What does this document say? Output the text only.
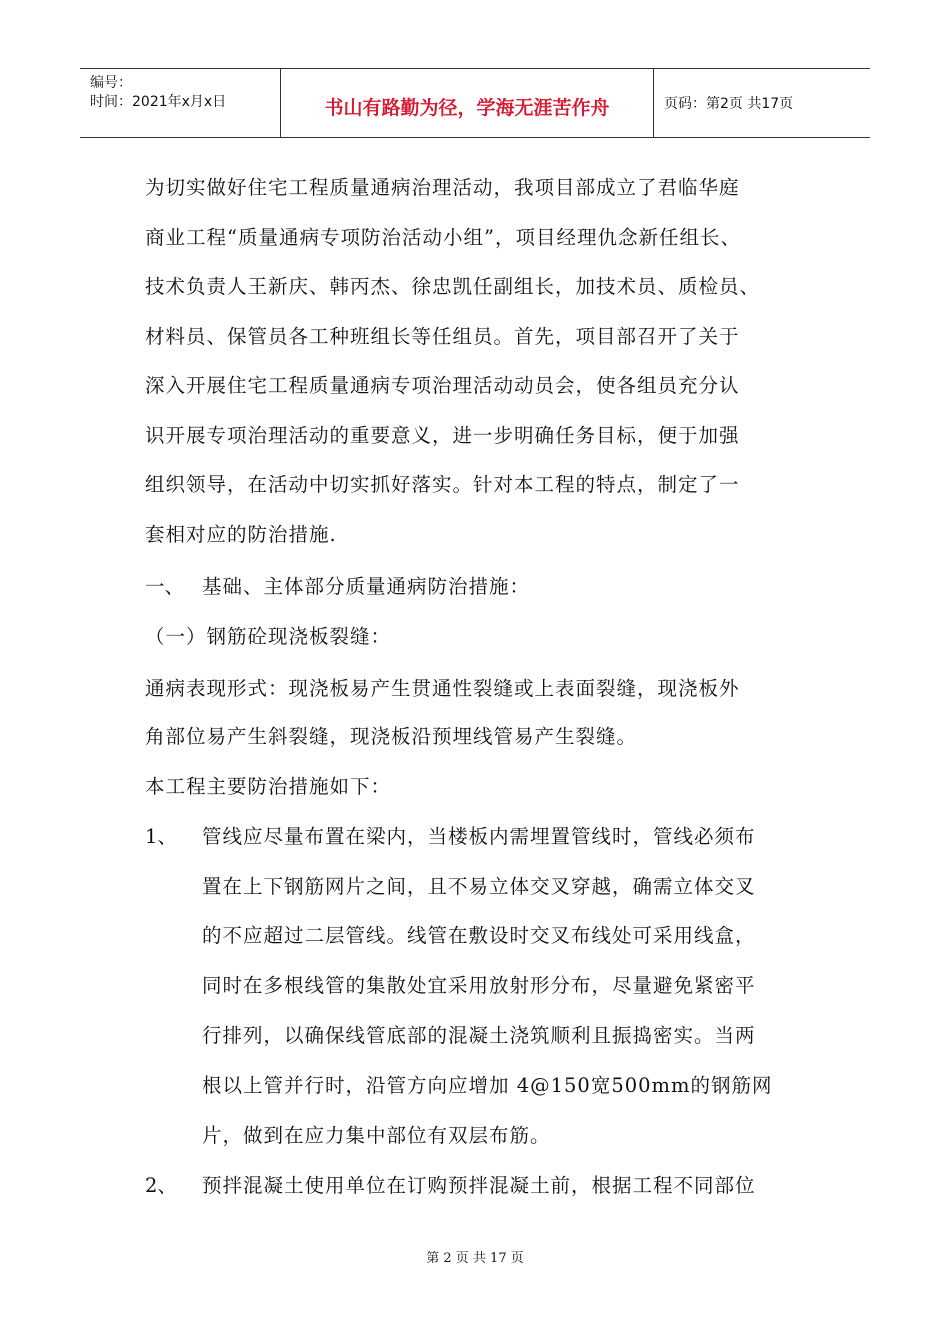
编号：
时间：2021年x月x日	书山有路勤为径，学海无涯苦作舟	页码：第2页 共17页
为切实做好住宅工程质量通病治理活动，我项目部成立了君临华庭
商业工程“质量通病专项防治活动小组”，项目经理仇念新任组长、
技术负责人王新庆、韩丙杰、徐忠凯任副组长，加技术员、质检员、
材料员、保管员各工种班组长等任组员。首先，项目部召开了关于
深入开展住宅工程质量通病专项治理活动动员会，使各组员充分认
识开展专项治理活动的重要意义，进一步明确任务目标，便于加强
组织领导，在活动中切实抓好落实。针对本工程的特点，制定了一
套相对应的防治措施.
一、 基础、主体部分质量通病防治措施：
（一）钢筋砼现浇板裂缝：
通病表现形式：现浇板易产生贯通性裂缝或上表面裂缝，现浇板外
角部位易产生斜裂缝，现浇板沿预埋线管易产生裂缝。
本工程主要防治措施如下：
1、 管线应尽量布置在梁内，当楼板内需埋置管线时，管线必须布
置在上下钢筋网片之间，且不易立体交叉穿越，确需立体交叉
的不应超过二层管线。线管在敷设时交叉布线处可采用线盒，
同时在多根线管的集散处宜采用放射形分布，尽量避免紧密平
行排列，以确保线管底部的混凝土浇筑顺利且振捣密实。当两
根以上管并行时，沿管方向应增加 4@150宽500mm的钢筋网
片，做到在应力集中部位有双层布筋。
2、 预拌混凝土使用单位在订购预拌混凝土前，根据工程不同部位
第 2 页 共 17 页
